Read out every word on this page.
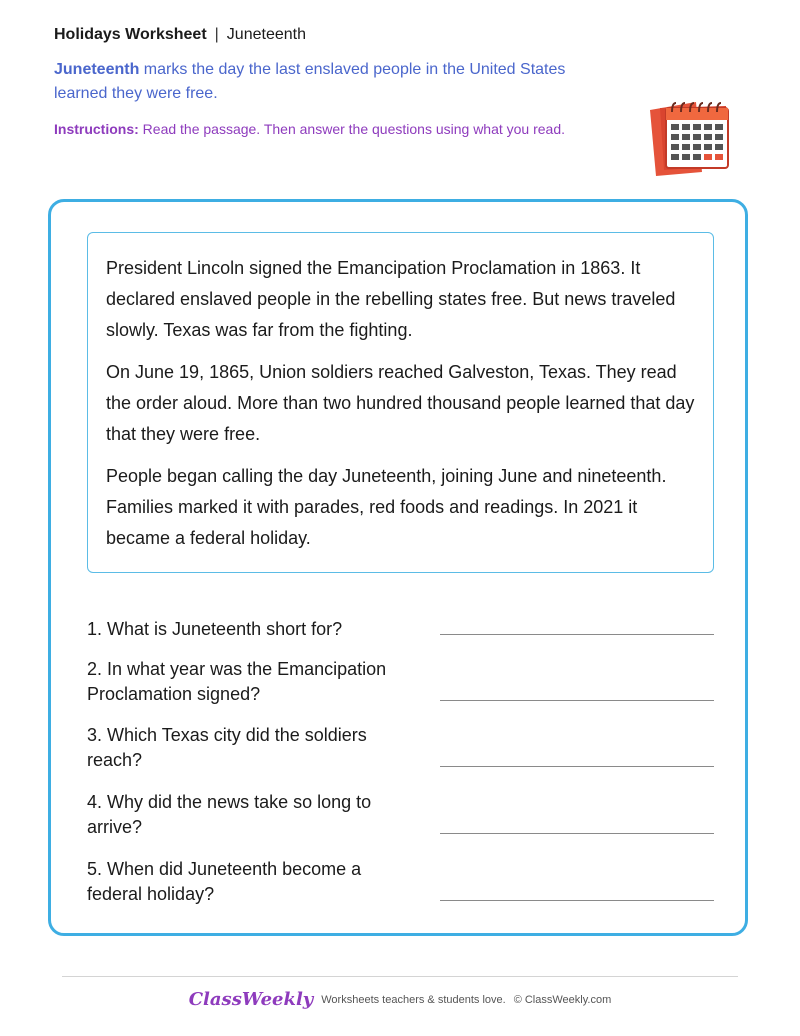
Holidays Worksheet | Juneteenth
Juneteenth marks the day the last enslaved people in the United States learned they were free.
Instructions: Read the passage. Then answer the questions using what you read.

President Lincoln signed the Emancipation Proclamation in 1863. It declared enslaved people in the rebelling states free. But news traveled slowly. Texas was far from the fighting.

On June 19, 1865, Union soldiers reached Galveston, Texas. They read the order aloud. More than two hundred thousand people learned that day that they were free.

People began calling the day Juneteenth, joining June and nineteenth. Families marked it with parades, red foods and readings. In 2021 it became a federal holiday.

1. What is Juneteenth short for?
2. In what year was the Emancipation Proclamation signed?
3. Which Texas city did the soldiers reach?
4. Why did the news take so long to arrive?
5. When did Juneteenth become a federal holiday?
ClassWeekly Worksheets teachers & students love. © ClassWeekly.com
